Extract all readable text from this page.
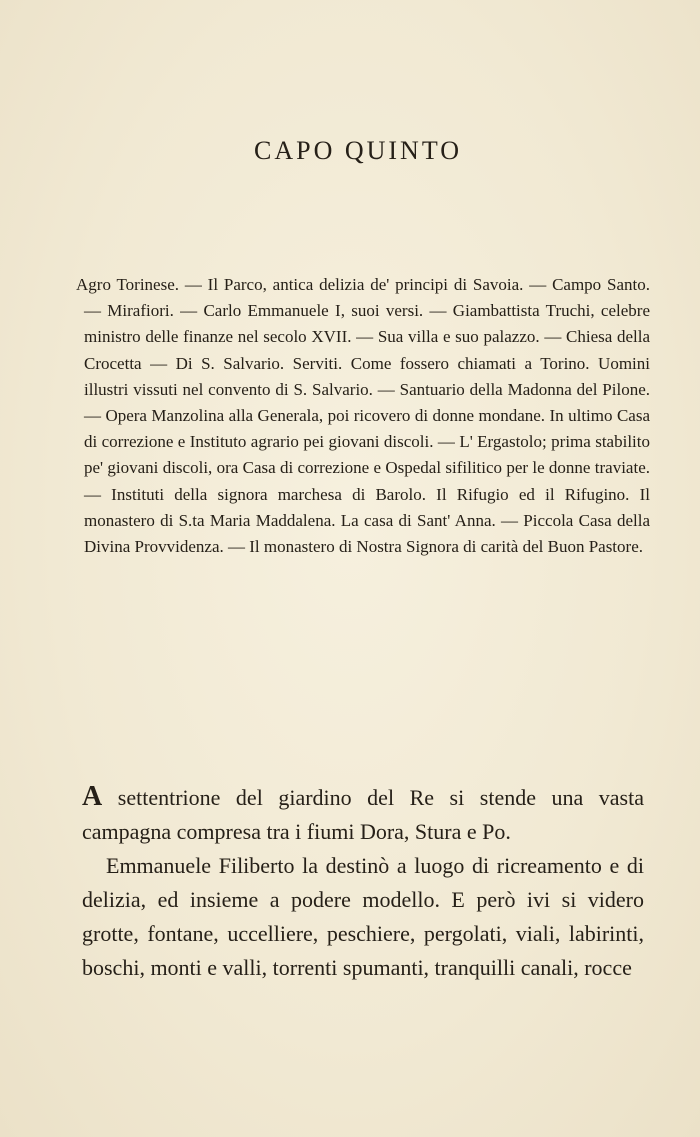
CAPO QUINTO

Agro Torinese. — Il Parco, antica delizia de' principi di Savoia. — Campo Santo. — Mirafiori. — Carlo Emmanuele I, suoi versi. — Giambattista Truchi, celebre ministro delle finanze nel secolo XVII. — Sua villa e suo palazzo. — Chiesa della Crocetta — Di S. Salvario. Serviti. Come fossero chiamati a Torino. Uomini illustri vissuti nel convento di S. Salvario. — Santuario della Madonna del Pilone. — Opera Manzolina alla Generala, poi ricovero di donne mondane. In ultimo Casa di correzione e Instituto agrario pei giovani discoli. — L' Ergastolo; prima stabilito pe' giovani discoli, ora Casa di correzione e Ospedal sifilitico per le donne traviate. — Instituti della signora marchesa di Barolo. Il Rifugio ed il Rifugino. Il monastero di S.ta Maria Maddalena. La casa di Sant' Anna. — Piccola Casa della Divina Provvidenza. — Il monastero di Nostra Signora di carità del Buon Pastore.

A settentrione del giardino del Re si stende una vasta campagna compresa tra i fiumi Dora, Stura e Po.

Emmanuele Filiberto la destinò a luogo di ricreamento e di delizia, ed insieme a podere modello. E però ivi si videro grotte, fontane, uccelliere, peschiere, pergolati, viali, labirinti, boschi, monti e valli, torrenti spumanti, tranquilli canali, rocce
